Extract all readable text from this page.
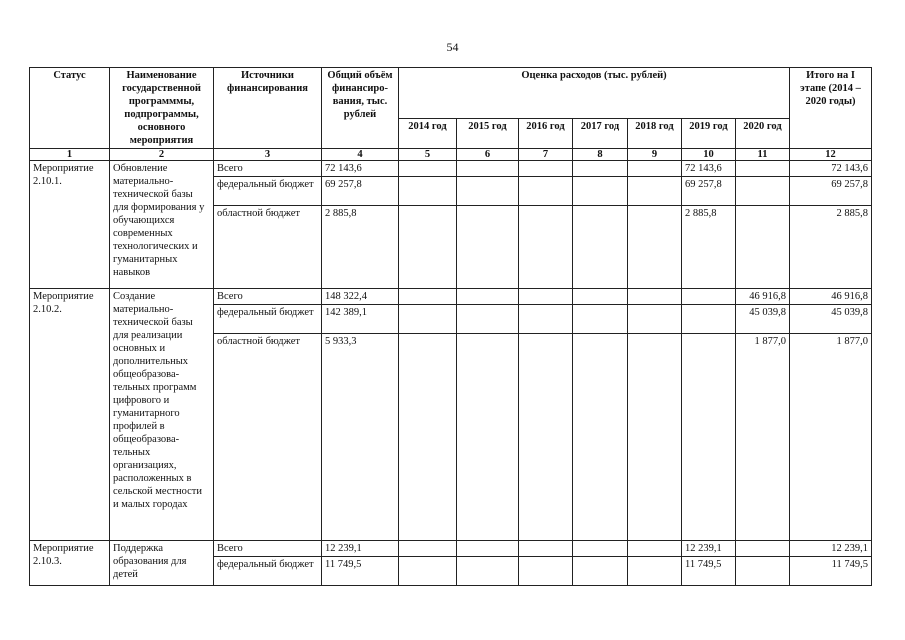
54
Статус	Наименование государственной программмы, подпрограммы, основного мероприятия	Источники финансирования	Общий объём финансиро-вания, тыс. рублей	Оценка расходов (тыс. рублей)							Итого на I этапе (2014 – 2020 годы)
				2014 год	2015 год	2016 год	2017 год	2018 год	2019 год	2020 год	
1	2	3	4	5	6	7	8	9	10	11	12
Мероприятие 2.10.1.	Обновление материально-технической базы для формирования у обучающихся современных технологических и гуманитарных навыков	Всего	72 143,6						72 143,6		72 143,6
		федеральный бюджет	69 257,8						69 257,8		69 257,8
		областной бюджет	2 885,8						2 885,8		2 885,8
Мероприятие 2.10.2.	Создание материально-технической базы для реализации основных и дополнительных общеобразова-тельных программ цифрового и гуманитарного профилей в общеобразова-тельных организациях, расположенных в сельской местности и малых городах	Всего	148 322,4							46 916,8	46 916,8
		федеральный бюджет	142 389,1							45 039,8	45 039,8
		областной бюджет	5 933,3							1 877,0	1 877,0
Мероприятие 2.10.3.	Поддержка образования для детей	Всего	12 239,1						12 239,1		12 239,1
		федеральный бюджет	11 749,5						11 749,5		11 749,5
